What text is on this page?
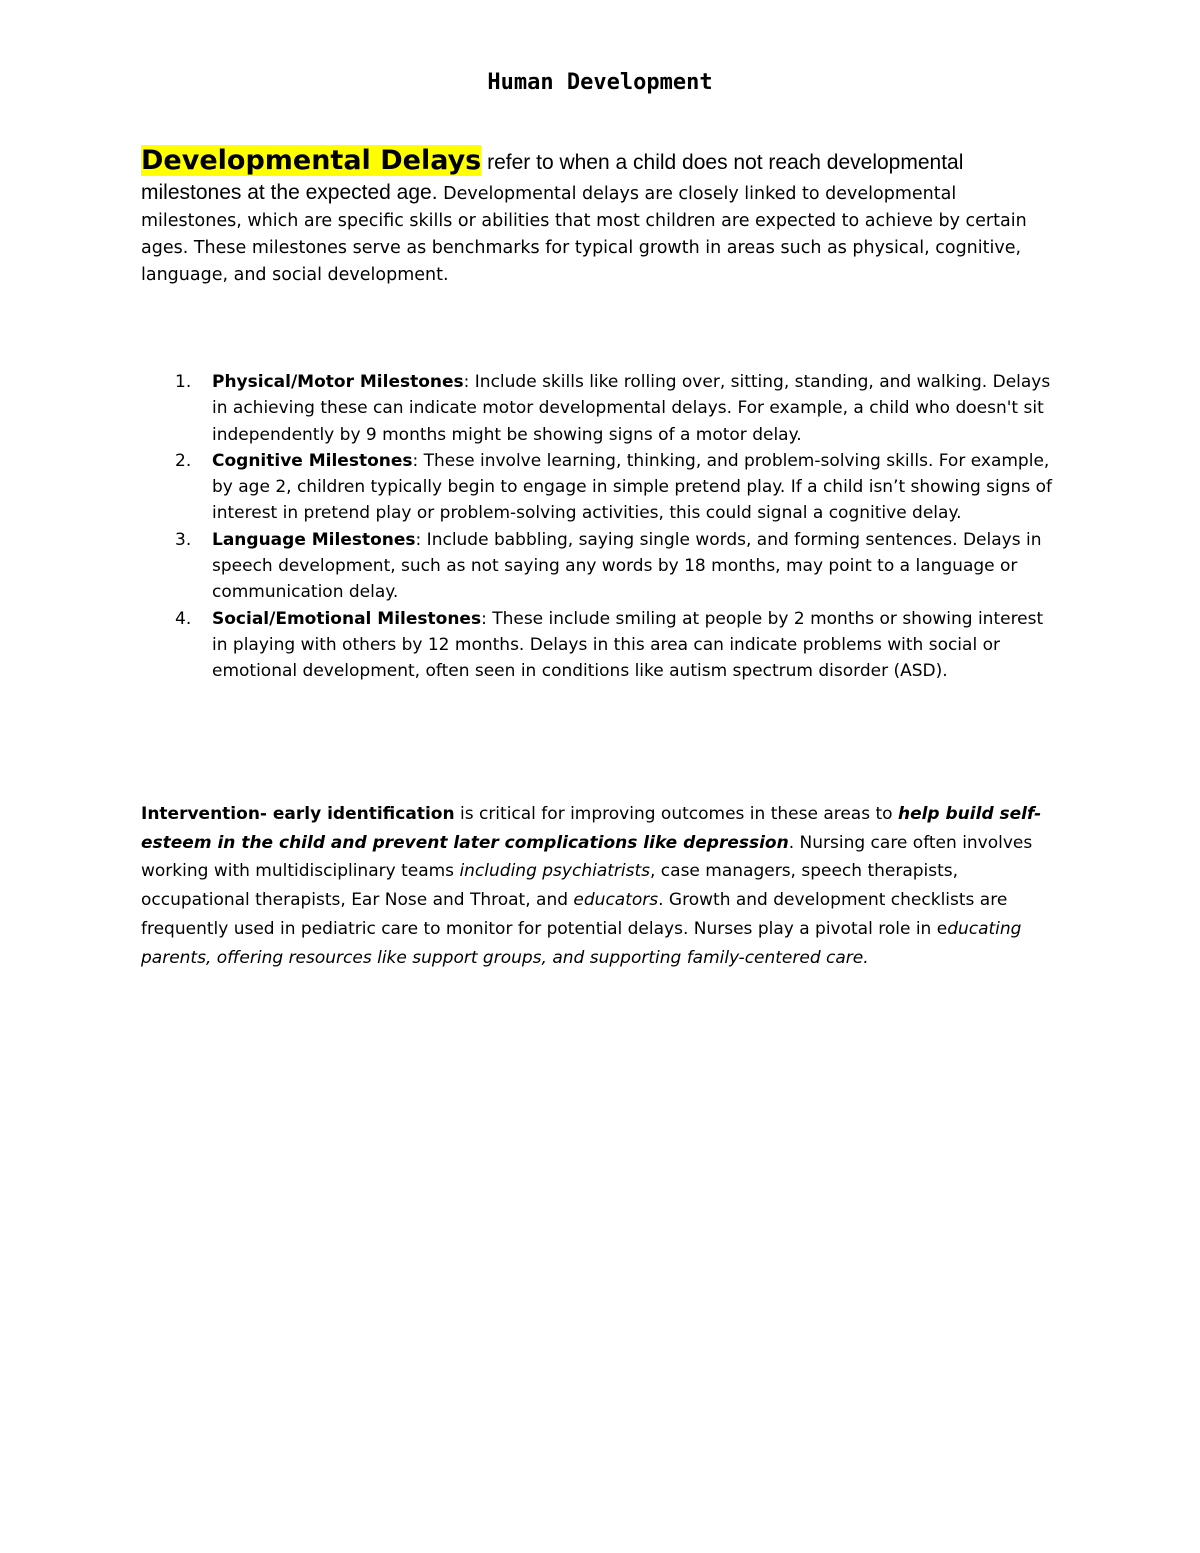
Human Development

Developmental Delays refer to when a child does not reach developmental milestones at the expected age. Developmental delays are closely linked to developmental milestones, which are specific skills or abilities that most children are expected to achieve by certain ages. These milestones serve as benchmarks for typical growth in areas such as physical, cognitive, language, and social development.

1. Physical/Motor Milestones: Include skills like rolling over, sitting, standing, and walking. Delays in achieving these can indicate motor developmental delays. For example, a child who doesn't sit independently by 9 months might be showing signs of a motor delay.
2. Cognitive Milestones: These involve learning, thinking, and problem-solving skills. For example, by age 2, children typically begin to engage in simple pretend play. If a child isn’t showing signs of interest in pretend play or problem-solving activities, this could signal a cognitive delay.
3. Language Milestones: Include babbling, saying single words, and forming sentences. Delays in speech development, such as not saying any words by 18 months, may point to a language or communication delay.
4. Social/Emotional Milestones: These include smiling at people by 2 months or showing interest in playing with others by 12 months. Delays in this area can indicate problems with social or emotional development, often seen in conditions like autism spectrum disorder (ASD).

Intervention- early identification is critical for improving outcomes in these areas to help build self-esteem in the child and prevent later complications like depression. Nursing care often involves working with multidisciplinary teams including psychiatrists, case managers, speech therapists, occupational therapists, Ear Nose and Throat, and educators. Growth and development checklists are frequently used in pediatric care to monitor for potential delays. Nurses play a pivotal role in educating parents, offering resources like support groups, and supporting family-centered care.
